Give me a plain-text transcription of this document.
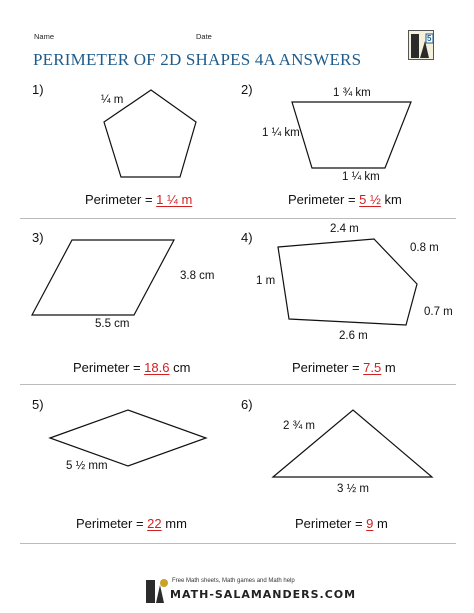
Name	Date
PERIMETER OF 2D SHAPES 4A ANSWERS
5
1)
¼ m
Perimeter = 1 ¼ m
2)	1 ¾ km
1 ¼ km
1 ¼ km
Perimeter = 5 ½ km
3)
3.8 cm
5.5 cm
Perimeter = 18.6 cm
4)
2.4 m
0.8 m
1 m
0.7 m
2.6 m
Perimeter = 7.5 m
5)
5 ½ mm
Perimeter = 22 mm
6)
2 ¾ m
3 ½ m
Perimeter = 9 m
Free Math sheets, Math games and Math help
MATH-SALAMANDERS.COM
